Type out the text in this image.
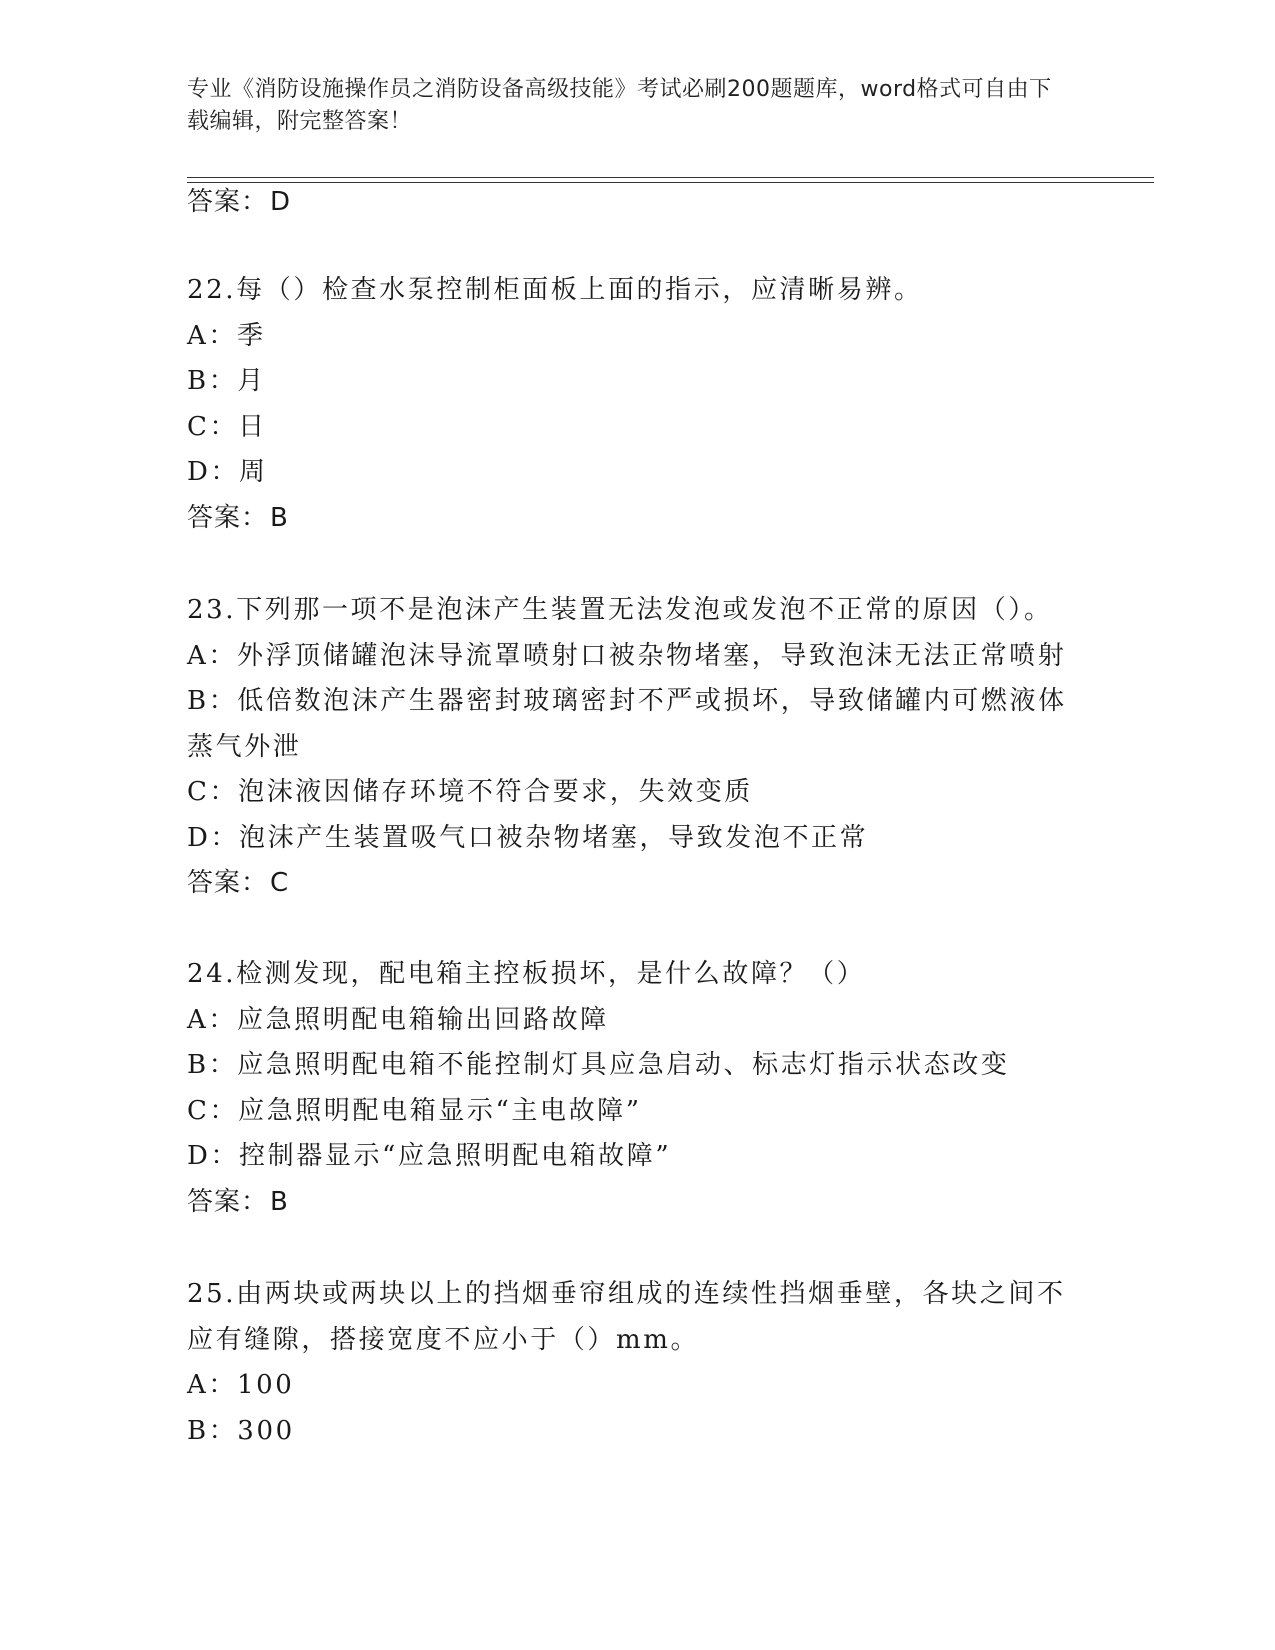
专业《消防设施操作员之消防设备高级技能》考试必刷200题题库，word格式可自由下载编辑，附完整答案！
答案：D
22.每（）检查水泵控制柜面板上面的指示，应清晰易辨。
A：季
B：月
C：日
D：周
答案：B
23.下列那一项不是泡沫产生装置无法发泡或发泡不正常的原因（）。
A：外浮顶储罐泡沫导流罩喷射口被杂物堵塞，导致泡沫无法正常喷射
B：低倍数泡沫产生器密封玻璃密封不严或损坏，导致储罐内可燃液体蒸气外泄
C：泡沫液因储存环境不符合要求，失效变质
D：泡沫产生装置吸气口被杂物堵塞，导致发泡不正常
答案：C
24.检测发现，配电箱主控板损坏，是什么故障？（）
A：应急照明配电箱输出回路故障
B：应急照明配电箱不能控制灯具应急启动、标志灯指示状态改变
C：应急照明配电箱显示“主电故障”
D：控制器显示“应急照明配电箱故障”
答案：B
25.由两块或两块以上的挡烟垂帘组成的连续性挡烟垂壁，各块之间不应有缝隙，搭接宽度不应小于（）mm。
A：100
B：300
